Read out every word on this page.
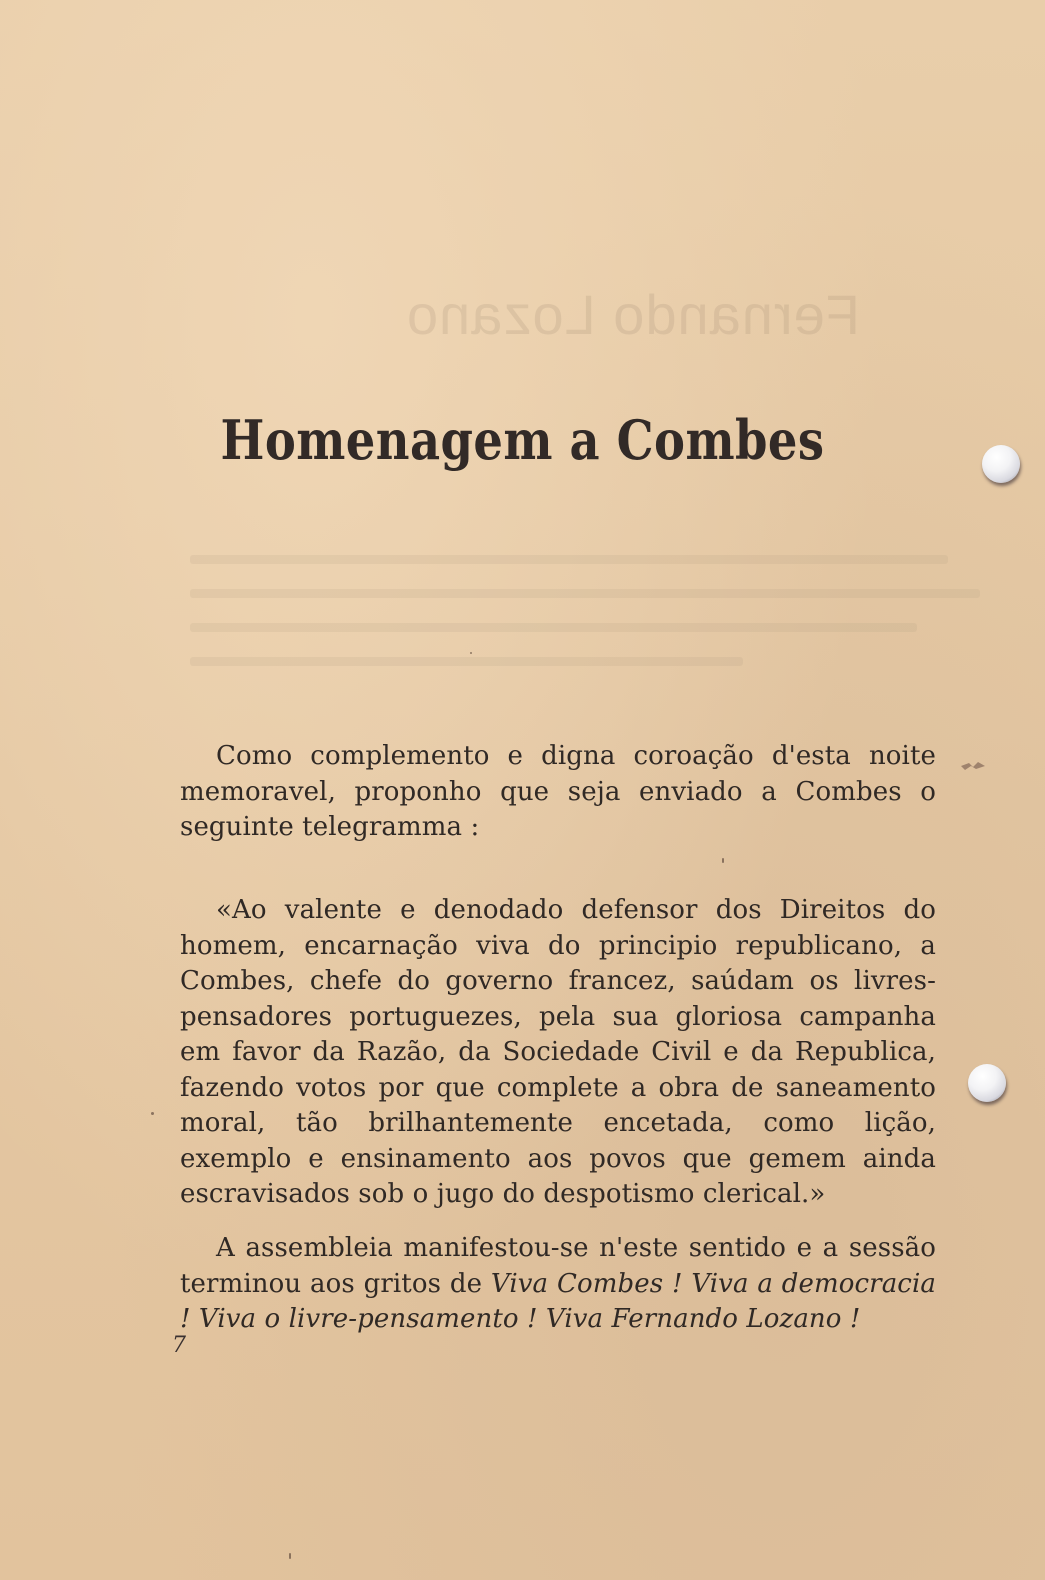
Fernando Lozano
Homenagem a Combes

Como complemento e digna coroação d'esta noite memoravel, proponho que seja enviado a Combes o seguinte telegramma :

«Ao valente e denodado defensor dos Direitos do homem, encarnação viva do principio republicano, a Combes, chefe do governo francez, saúdam os livres-pensadores portuguezes, pela sua gloriosa campanha em favor da Razão, da Sociedade Civil e da Republica, fazendo votos por que complete a obra de saneamento moral, tão brilhantemente encetada, como lição, exemplo e ensinamento aos povos que gemem ainda escravisados sob o jugo do despotismo clerical.»

A assembleia manifestou-se n'este sentido e a sessão terminou aos gritos de Viva Combes ! Viva a democracia ! Viva o livre-pensamento ! Viva Fernando Lozano !

7
